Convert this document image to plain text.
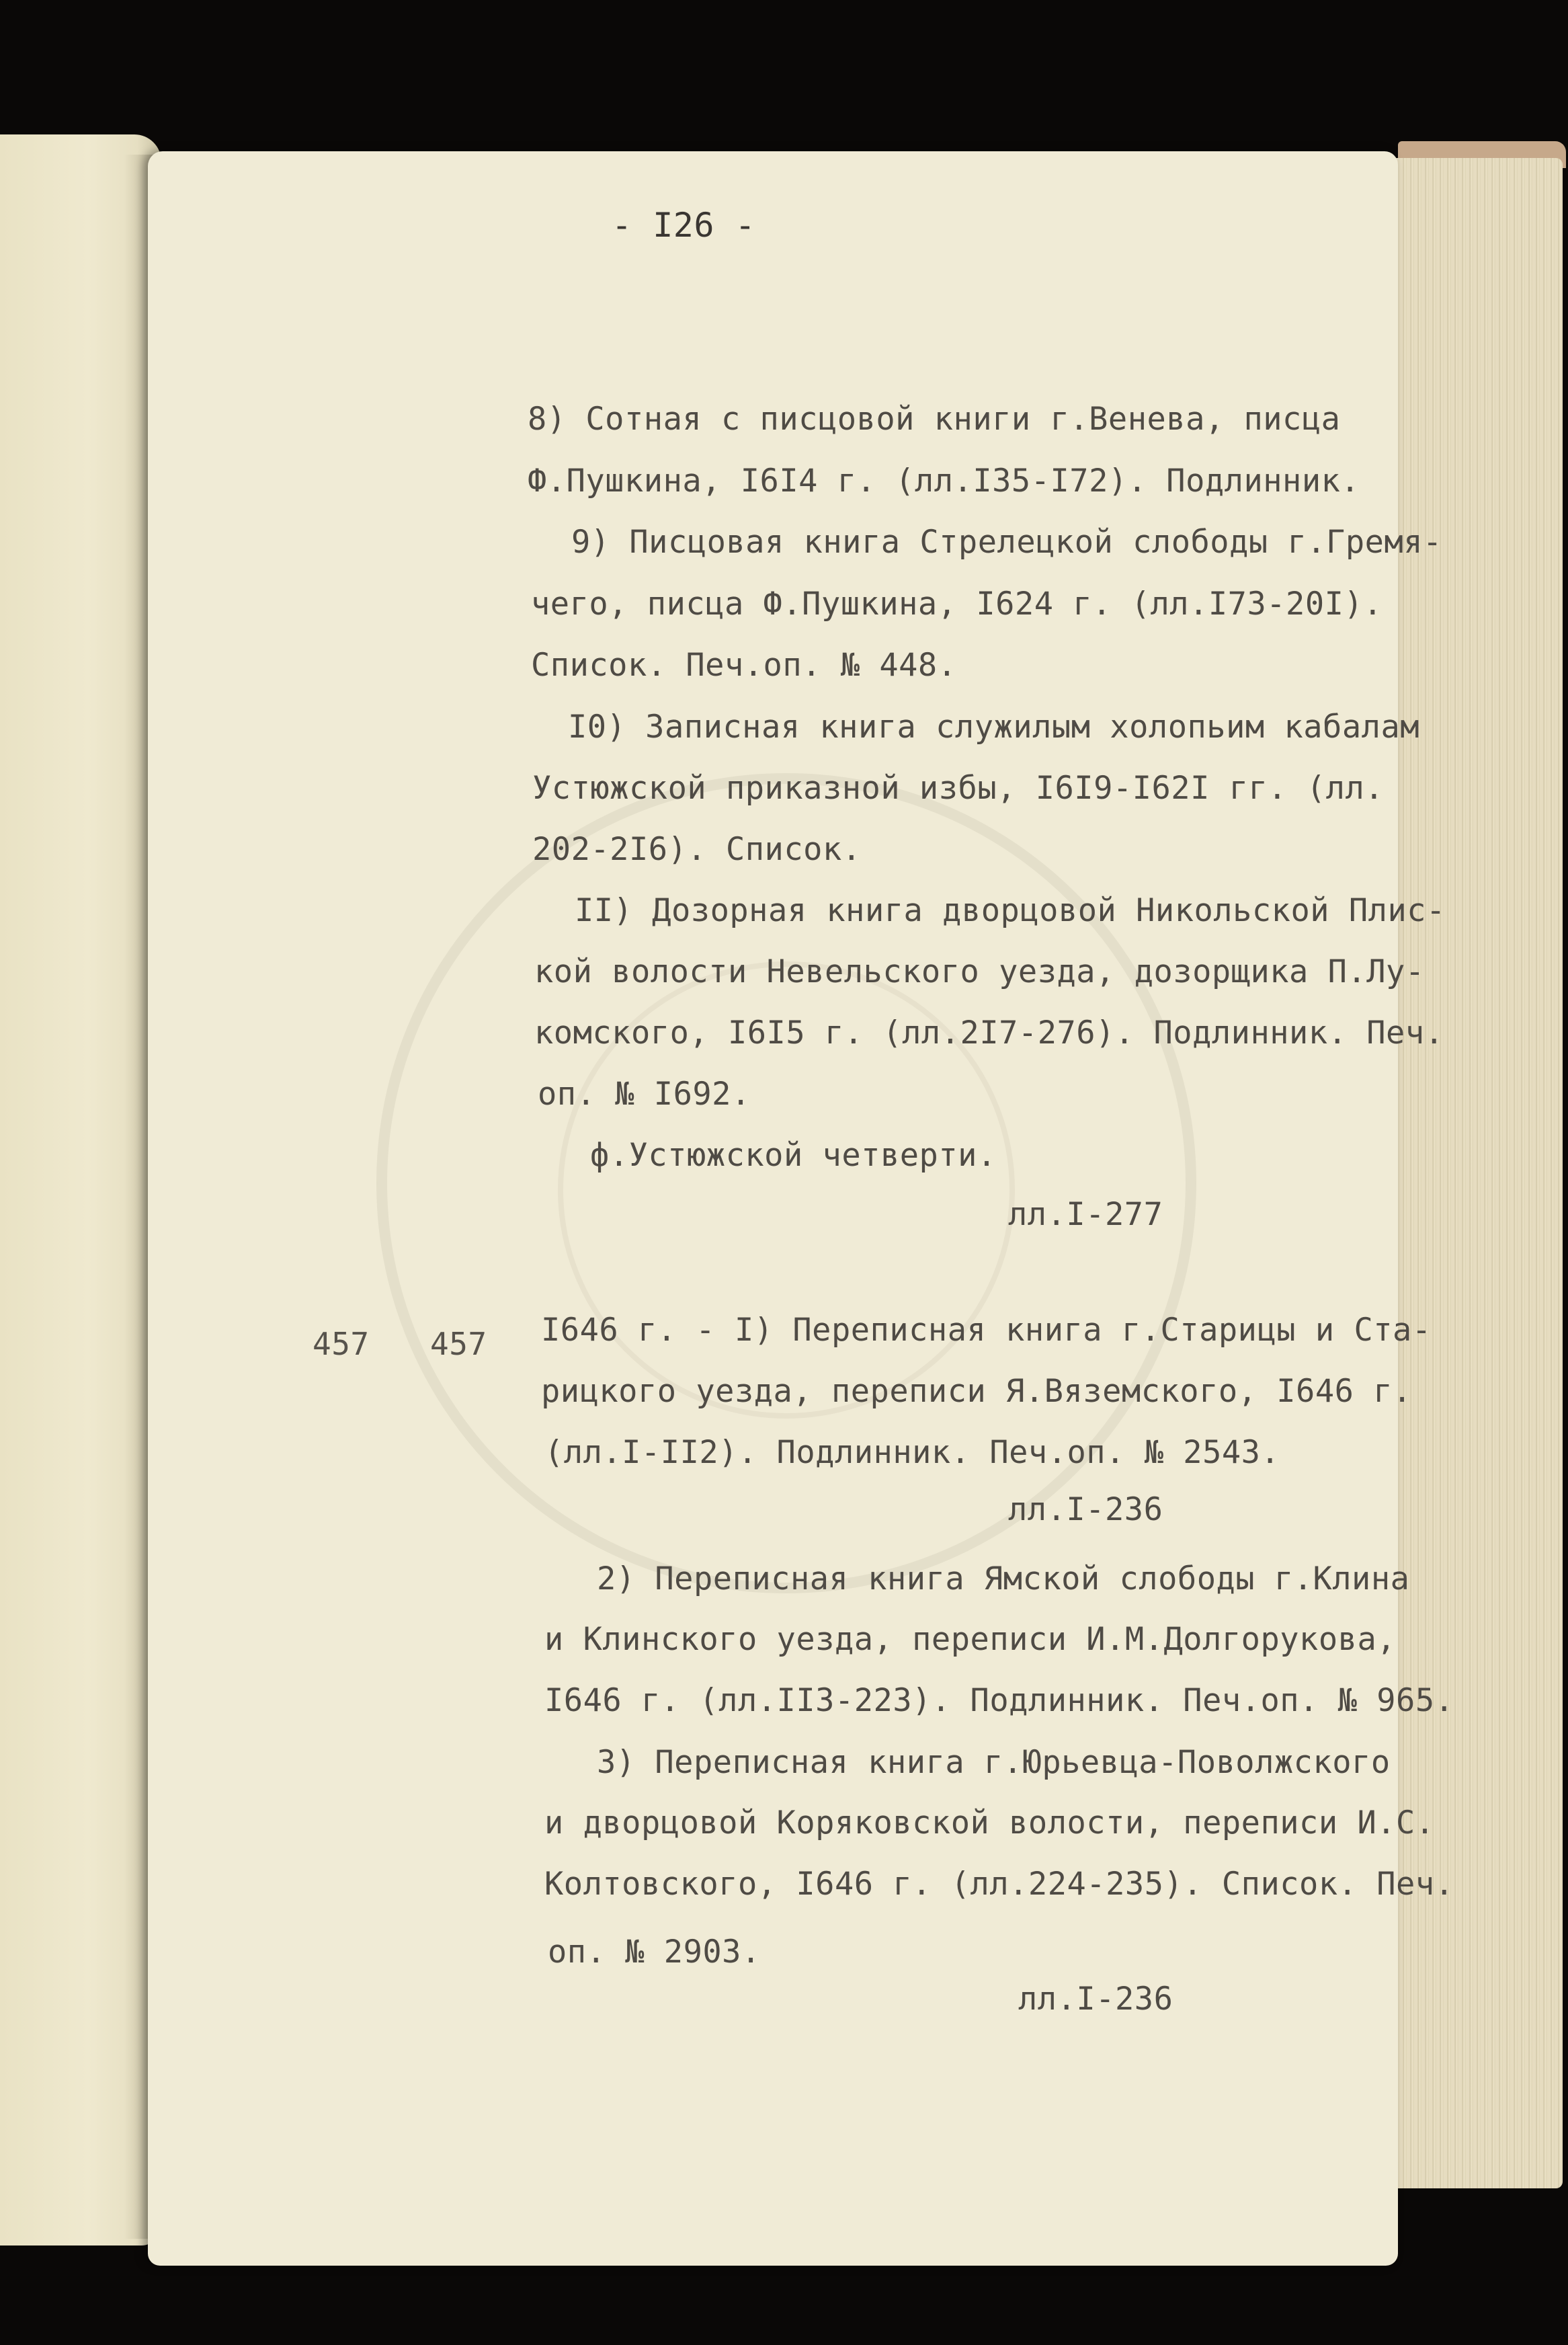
- I26 -

8) Сотная с писцовой книги г.Венева, писца

Ф.Пушкина, I6I4 г. (лл.I35-I72). Подлинник.

9) Писцовая книга Стрелецкой слободы г.Гремя-

чего, писца Ф.Пушкина, I624 г. (лл.I73-20I).

Список. Печ.оп. № 448.

I0) Записная книга служилым холопьим кабалам

Устюжской приказной избы, I6I9-I62I гг. (лл.

202-2I6). Список.

II) Дозорная книга дворцовой Никольской Плис-

кой волости Невельского уезда, дозорщика П.Лу-

комского, I6I5 г. (лл.2I7-276). Подлинник. Печ.

оп. № I692.

ф.Устюжской четверти.

лл.I-277

457 457 I646 г. - I) Переписная книга г.Старицы и Ста-

рицкого уезда, переписи Я.Вяземского, I646 г.

(лл.I-II2). Подлинник. Печ.оп. № 2543.

лл.I-236

2) Переписная книга Ямской слободы г.Клина

и Клинского уезда, переписи И.М.Долгорукова,

I646 г. (лл.II3-223). Подлинник. Печ.оп. № 965.

3) Переписная книга г.Юрьевца-Поволжского

и дворцовой Коряковской волости, переписи И.С.

Колтовского, I646 г. (лл.224-235). Список. Печ.

оп. № 2903.

лл.I-236
